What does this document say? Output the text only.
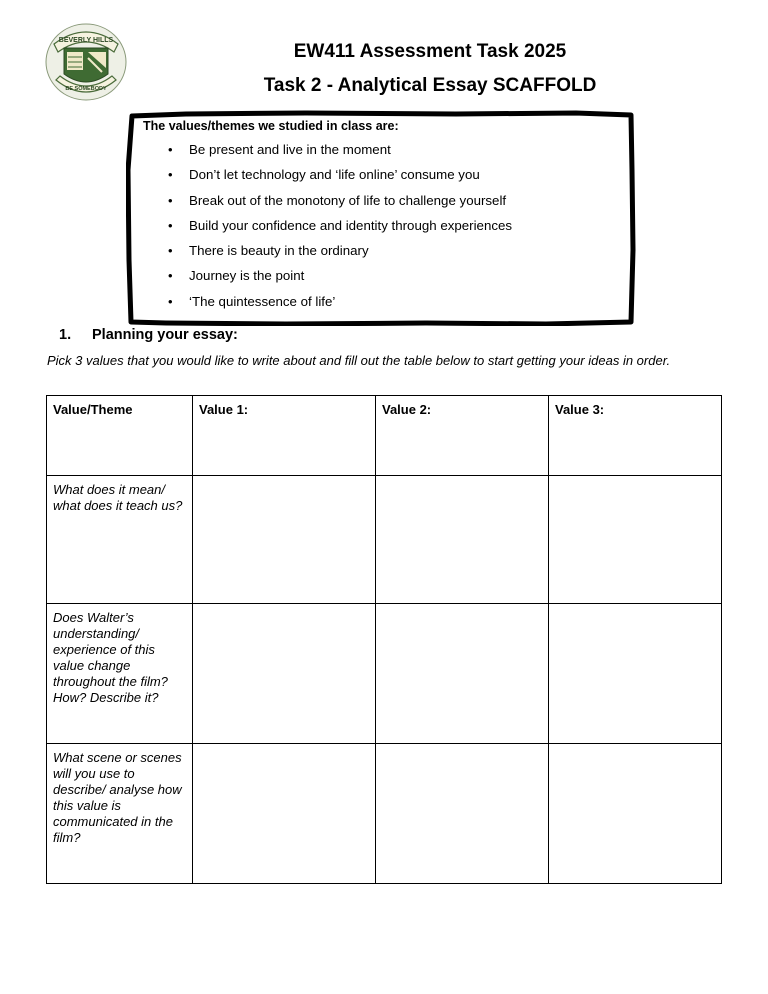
BEVERLY HILLS
BE SOMEBODY
EW411 Assessment Task 2025
Task 2 - Analytical Essay SCAFFOLD
The values/themes we studied in class are:
• Be present and live in the moment
• Don’t let technology and ‘life online’ consume you
• Break out of the monotony of life to challenge yourself
• Build your confidence and identity through experiences
• There is beauty in the ordinary
• Journey is the point
• ‘The quintessence of life’
1. Planning your essay:
Pick 3 values that you would like to write about and fill out the table below to start getting your ideas in order.
Value/Theme	Value 1:	Value 2:	Value 3:
What does it mean/ what does it teach us?			
Does Walter’s understanding/ experience of this value change throughout the film? How? Describe it?			
What scene or scenes will you use to describe/ analyse how this value is communicated in the film?			
